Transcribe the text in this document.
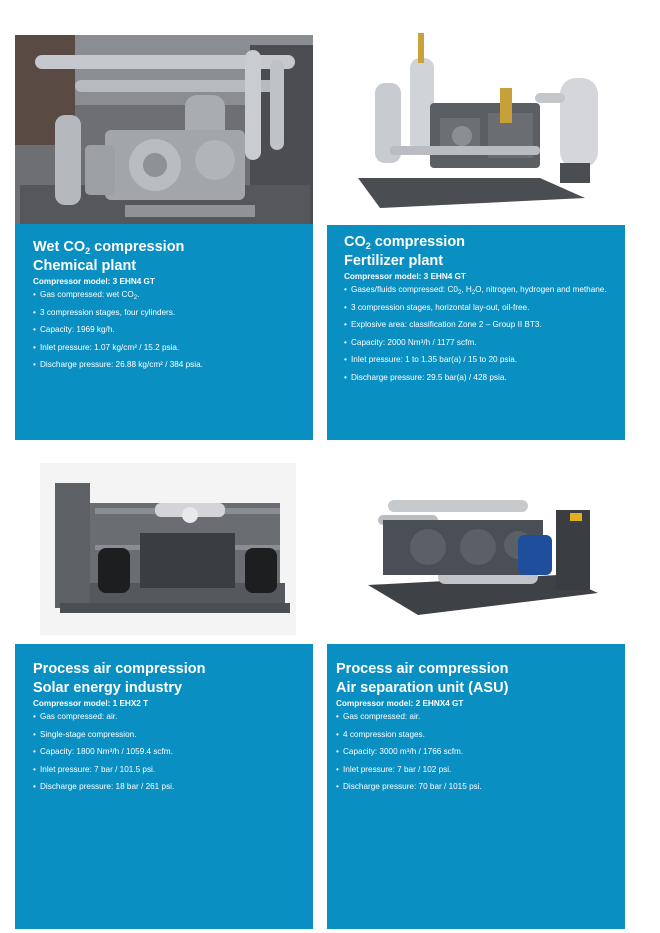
Wet $CO_2$ compression
Chemical plant
Compressor model: 3 EHN4 GT
• Gas compressed: wet $CO_2$.
• 3 compression stages, four cylinders.
• Capacity: 1969 kg/h.
• Inlet pressure: 1.07 kg/cm² / 15.2 psia.
• Discharge pressure: 26.88 kg/cm² / 384 psia.
$CO_2$ compression
Fertilizer plant
Compressor model: 3 EHN4 GT
• Gases/fluids compressed: $C0_2$, $H_2O$, nitrogen, hydrogen and methane.
• 3 compression stages, horizontal lay-out, oil-free.
• Explosive area: classification Zone 2 – Group II BT3.
• Capacity: 2000 Nm³/h / 1177 scfm.
• Inlet pressure: 1 to 1.35 bar(a) / 15 to 20 psia.
• Discharge pressure: 29.5 bar(a) / 428 psia.
Process air compression
Solar energy industry
Compressor model: 1 EHX2 T
• Gas compressed: air.
• Single-stage compression.
• Capacity: 1800 Nm³/h / 1059.4 scfm.
• Inlet pressure: 7 bar / 101.5 psi.
• Discharge pressure: 18 bar / 261 psi.
Process air compression
Air separation unit (ASU)
Compressor model: 2 EHNX4 GT
• Gas compressed: air.
• 4 compression stages.
• Capacity: 3000 m³/h / 1766 scfm.
• Inlet pressure: 7 bar / 102 psi.
• Discharge pressure: 70 bar / 1015 psi.
